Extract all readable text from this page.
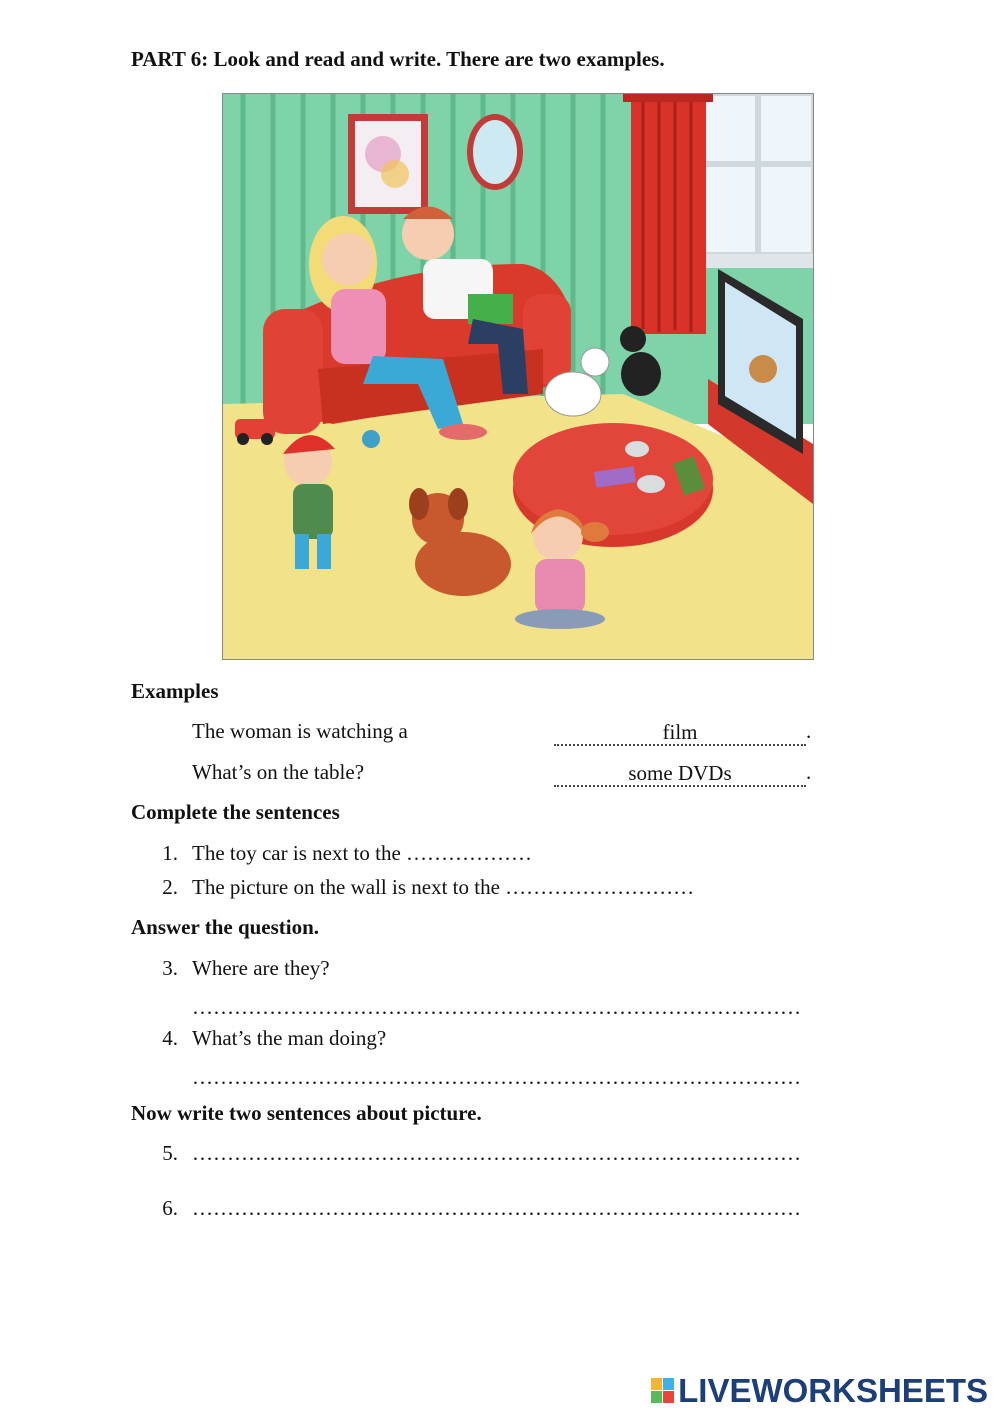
PART 6: Look and read and write. There are two examples.
Examples
The woman is watching a	film	.
What’s on the table?	some DVDs	.
Complete the sentences
1. The toy car is next to the ………………
2. The picture on the wall is next to the ………………………
Answer the question.
3. Where are they?
……………………………………………………………………………
4. What’s the man doing?
……………………………………………………………………………
Now write two sentences about picture.
5. ……………………………………………………………………………
6. ……………………………………………………………………………
LIVEWORKSHEETS
